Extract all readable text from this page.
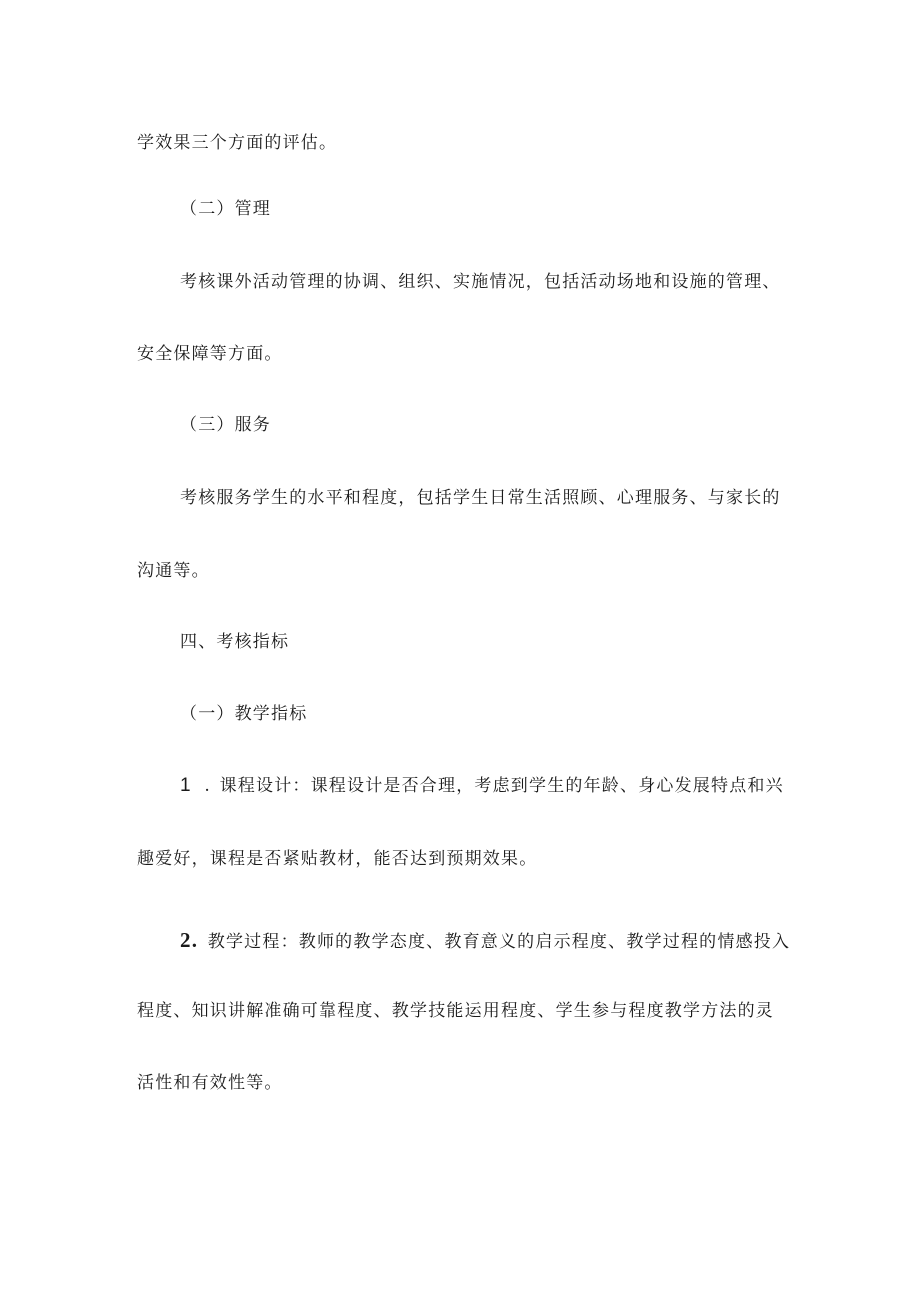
学效果三个方面的评估。
（二）管理
考核课外活动管理的协调、组织、实施情况，包括活动场地和设施的管理、
安全保障等方面。
（三）服务
考核服务学生的水平和程度，包括学生日常生活照顾、心理服务、与家长的
沟通等。
四、考核指标
（一）教学指标
1 . 课程设计：课程设计是否合理，考虑到学生的年龄、身心发展特点和兴
趣爱好，课程是否紧贴教材，能否达到预期效果。
2. 教学过程：教师的教学态度、教育意义的启示程度、教学过程的情感投入
程度、知识讲解准确可靠程度、教学技能运用程度、学生参与程度教学方法的灵
活性和有效性等。
